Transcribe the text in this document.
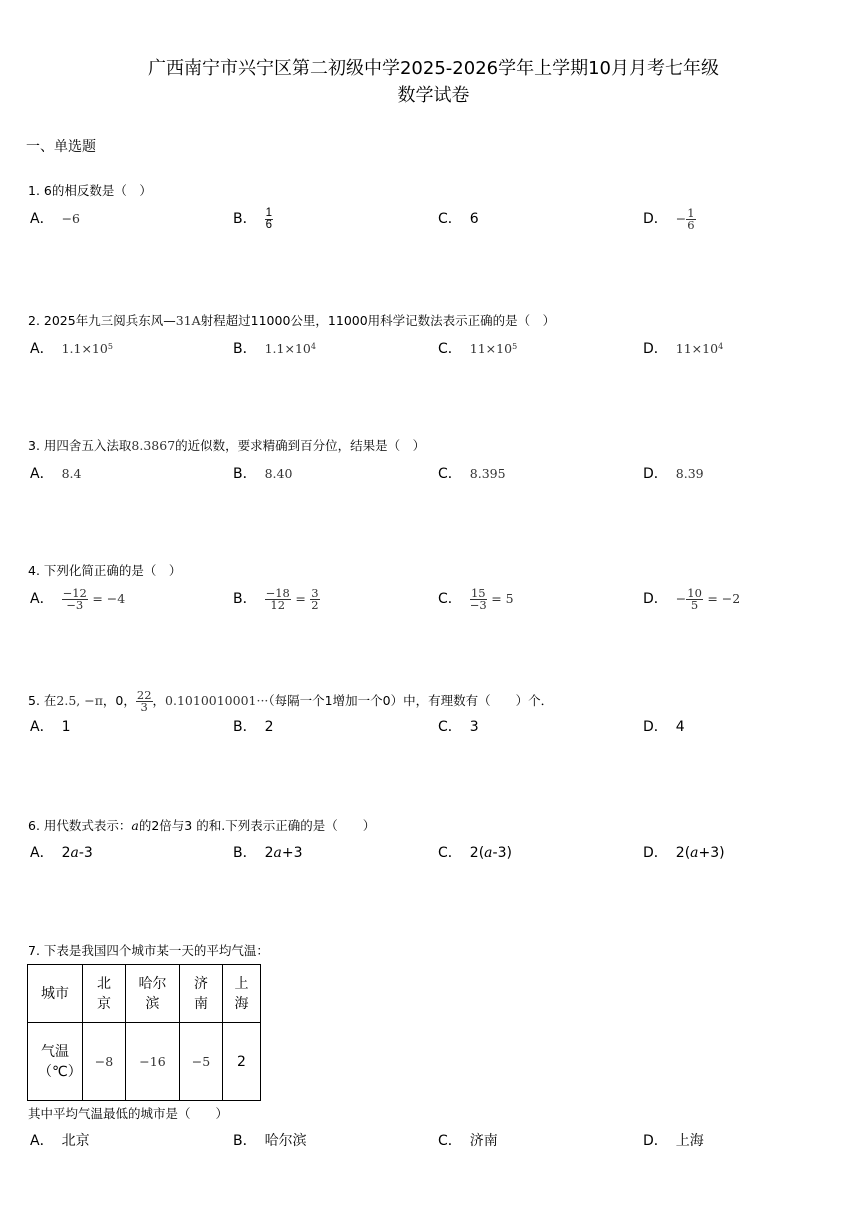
广西南宁市兴宁区第二初级中学2025-2026学年上学期10月月考七年级
数学试卷
一、单选题
1. 6的相反数是（　）
A． −6	B． $\frac{1}{6}$	C． 6	D． − $\frac{1}{6}$
2. 2025年九三阅兵东风—31A射程超过11000公里，11000用科学记数法表示正确的是（　）
A． $1.1\times 10^5$	B． $1.1\times 10^4$	C． $11\times 10^5$	D． $11\times 10^4$
3. 用四舍五入法取8.3867的近似数，要求精确到百分位，结果是（　）
A． 8.4	B． 8.40	C． 8.395	D． 8.39
4. 下列化简正确的是（　）
A． $\frac{-12}{-3} = -4$	B． $\frac{-18}{12} = \frac{3}{2}$	C． $\frac{15}{-3} = 5$	D． − $\frac{10}{5} = -2$
5. 在2.5, −π，0， $\frac{22}{3}$ ，0.1010010001···（每隔一个1增加一个0）中，有理数有（　　）个．
A． 1	B． 2	C． 3	D． 4
6. 用代数式表示：a的2倍与3 的和.下列表示正确的是（　　）
A． 2a-3	B． 2a+3	C． 2(a-3)	D． 2(a+3)
7. 下表是我国四个城市某一天的平均气温：
城市	北京	哈尔滨	济南	上海
气温（℃）	−8	−16	−5	2
其中平均气温最低的城市是（　　）
A． 北京	B． 哈尔滨	C． 济南	D． 上海
